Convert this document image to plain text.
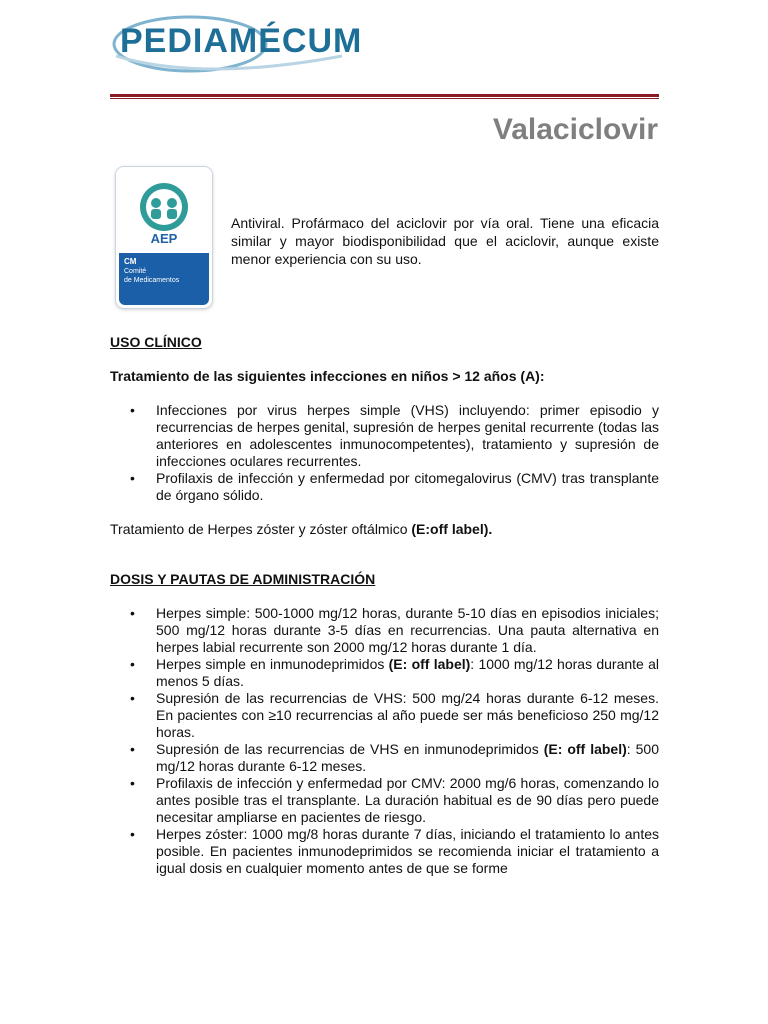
PEDIAMÉCUM
Valaciclovir
AEP
CM
Comité
de Medicamentos
Antiviral. Profármaco del aciclovir por vía oral. Tiene una eficacia similar y mayor biodisponibilidad que el aciclovir, aunque existe menor experiencia con su uso.
USO CLÍNICO
Tratamiento de las siguientes infecciones en niños > 12 años (A):
• Infecciones por virus herpes simple (VHS) incluyendo: primer episodio y recurrencias de herpes genital, supresión de herpes genital recurrente (todas las anteriores en adolescentes inmunocompetentes), tratamiento y supresión de infecciones oculares recurrentes.
• Profilaxis de infección y enfermedad por citomegalovirus (CMV) tras transplante de órgano sólido.
Tratamiento de Herpes zóster y zóster oftálmico (E:off label).
DOSIS Y PAUTAS DE ADMINISTRACIÓN
• Herpes simple: 500-1000 mg/12 horas, durante 5-10 días en episodios iniciales; 500 mg/12 horas durante 3-5 días en recurrencias. Una pauta alternativa en herpes labial recurrente son 2000 mg/12 horas durante 1 día.
• Herpes simple en inmunodeprimidos (E: off label): 1000 mg/12 horas durante al menos 5 días.
• Supresión de las recurrencias de VHS: 500 mg/24 horas durante 6-12 meses. En pacientes con ≥10 recurrencias al año puede ser más beneficioso 250 mg/12 horas.
• Supresión de las recurrencias de VHS en inmunodeprimidos (E: off label): 500 mg/12 horas durante 6-12 meses.
• Profilaxis de infección y enfermedad por CMV: 2000 mg/6 horas, comenzando lo antes posible tras el transplante. La duración habitual es de 90 días pero puede necesitar ampliarse en pacientes de riesgo.
• Herpes zóster: 1000 mg/8 horas durante 7 días, iniciando el tratamiento lo antes posible. En pacientes inmunodeprimidos se recomienda iniciar el tratamiento a igual dosis en cualquier momento antes de que se forme
